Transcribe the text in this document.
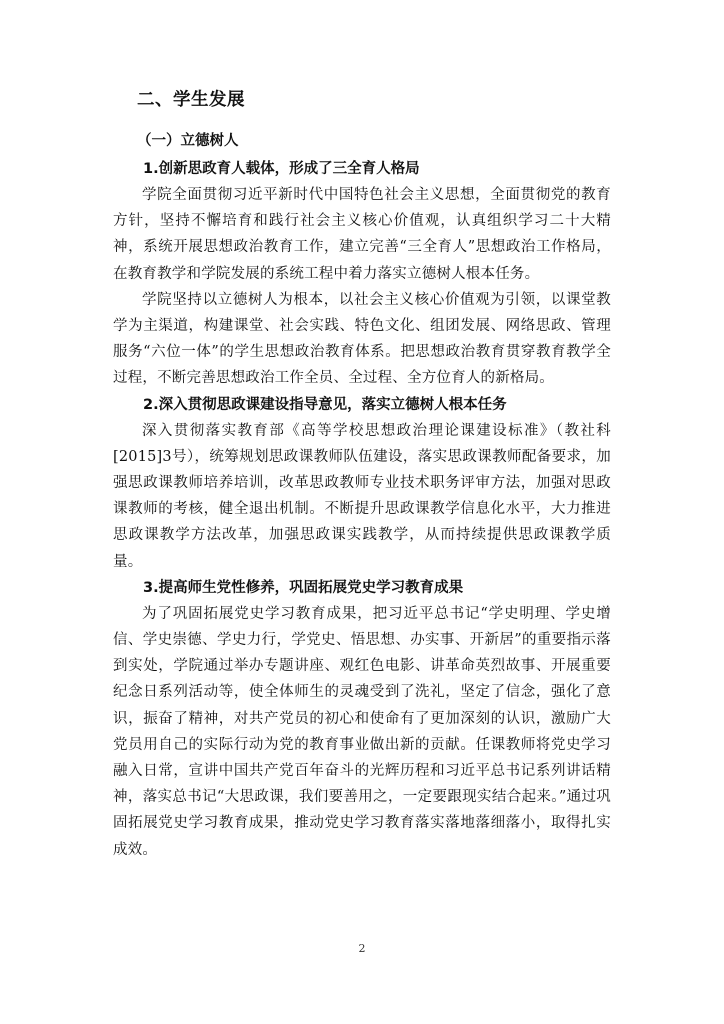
二、学生发展
（一）立德树人
1.创新思政育人载体，形成了三全育人格局

学院全面贯彻习近平新时代中国特色社会主义思想，全面贯彻党的教育方针，坚持不懈培育和践行社会主义核心价值观，认真组织学习二十大精神，系统开展思想政治教育工作，建立完善“三全育人”思想政治工作格局，在教育教学和学院发展的系统工程中着力落实立德树人根本任务。

学院坚持以立德树人为根本，以社会主义核心价值观为引领，以课堂教学为主渠道，构建课堂、社会实践、特色文化、组团发展、网络思政、管理服务“六位一体”的学生思想政治教育体系。把思想政治教育贯穿教育教学全过程，不断完善思想政治工作全员、全过程、全方位育人的新格局。

2.深入贯彻思政课建设指导意见，落实立德树人根本任务

深入贯彻落实教育部《高等学校思想政治理论课建设标准》（教社科[2015]3号），统筹规划思政课教师队伍建设，落实思政课教师配备要求，加强思政课教师培养培训，改革思政教师专业技术职务评审方法，加强对思政课教师的考核，健全退出机制。不断提升思政课教学信息化水平，大力推进思政课教学方法改革，加强思政课实践教学，从而持续提供思政课教学质量。

3.提高师生党性修养，巩固拓展党史学习教育成果

为了巩固拓展党史学习教育成果，把习近平总书记“学史明理、学史增信、学史崇德、学史力行，学党史、悟思想、办实事、开新居”的重要指示落到实处，学院通过举办专题讲座、观红色电影、讲革命英烈故事、开展重要纪念日系列活动等，使全体师生的灵魂受到了洗礼，坚定了信念，强化了意识，振奋了精神，对共产党员的初心和使命有了更加深刻的认识，激励广大党员用自己的实际行动为党的教育事业做出新的贡献。任课教师将党史学习融入日常，宣讲中国共产党百年奋斗的光辉历程和习近平总书记系列讲话精神，落实总书记“大思政课，我们要善用之，一定要跟现实结合起来。”通过巩固拓展党史学习教育成果，推动党史学习教育落实落地落细落小，取得扎实成效。

2
